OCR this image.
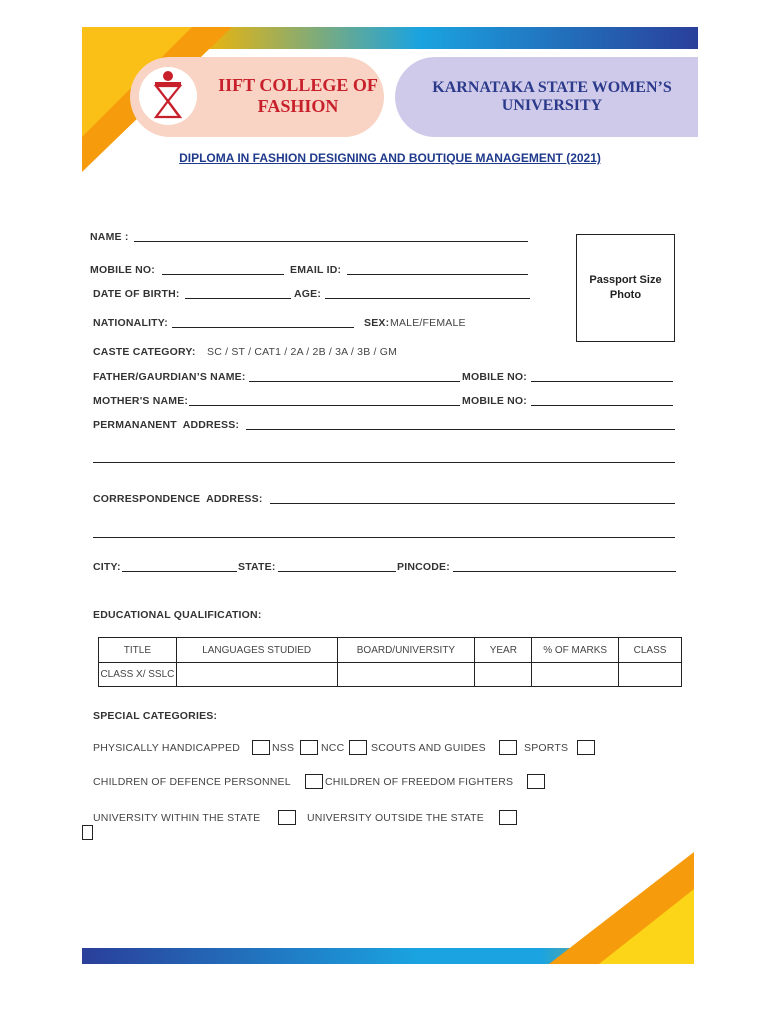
IIFT COLLEGE OF FASHION
KARNATAKA STATE WOMEN’S UNIVERSITY
DIPLOMA IN FASHION DESIGNING AND BOUTIQUE MANAGEMENT (2021)
Passport Size
Photo
NAME :
MOBILE NO:	EMAIL ID:
DATE OF BIRTH:	AGE:
NATIONALITY:	SEX: MALE/FEMALE
CASTE CATEGORY: SC / ST / CAT1 / 2A / 2B / 3A / 3B / GM
FATHER/GAURDIAN’S NAME:	MOBILE NO:
MOTHER'S NAME:	MOBILE NO:
PERMANANENT  ADDRESS:
CORRESPONDENCE  ADDRESS:
CITY:	STATE:	PINCODE:
EDUCATIONAL QUALIFICATION:
TITLE	LANGUAGES STUDIED	BOARD/UNIVERSITY	YEAR	% OF MARKS	CLASS
CLASS X/ SSLC					
SPECIAL CATEGORIES:
PHYSICALLY HANDICAPPED	NSS	NCC	SCOUTS AND GUIDES	SPORTS
CHILDREN OF DEFENCE PERSONNEL	CHILDREN OF FREEDOM FIGHTERS
UNIVERSITY WITHIN THE STATE	UNIVERSITY OUTSIDE THE STATE
